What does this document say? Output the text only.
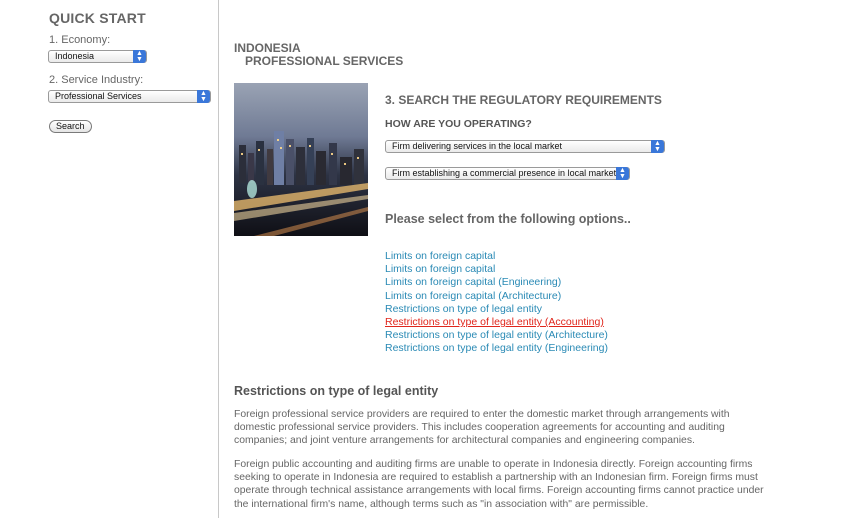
QUICK START
1. Economy:
Indonesia	▲
▼
2. Service Industry:
Professional Services	▲
▼
Search
INDONESIA
PROFESSIONAL SERVICES
3. SEARCH THE REGULATORY REQUIREMENTS
HOW ARE YOU OPERATING?
Firm delivering services in the local market	▲
▼
Firm establishing a commercial presence in local market ▲
▼
Please select from the following options..
Limits on foreign capital
Limits on foreign capital
Limits on foreign capital (Engineering)
Limits on foreign capital (Architecture)
Restrictions on type of legal entity
Restrictions on type of legal entity (Accounting)
Restrictions on type of legal entity (Architecture)
Restrictions on type of legal entity (Engineering)
Restrictions on type of legal entity
Foreign professional service providers are required to enter the domestic market through arrangements with domestic professional service providers. This includes cooperation agreements for accounting and auditing companies; and joint venture arrangements for architectural companies and engineering companies.
Foreign public accounting and auditing firms are unable to operate in Indonesia directly. Foreign accounting firms seeking to operate in Indonesia are required to establish a partnership with an Indonesian firm. Foreign firms must operate through technical assistance arrangements with local firms. Foreign accounting firms cannot practice under the international firm's name, although terms such as "in association with" are permissible.
